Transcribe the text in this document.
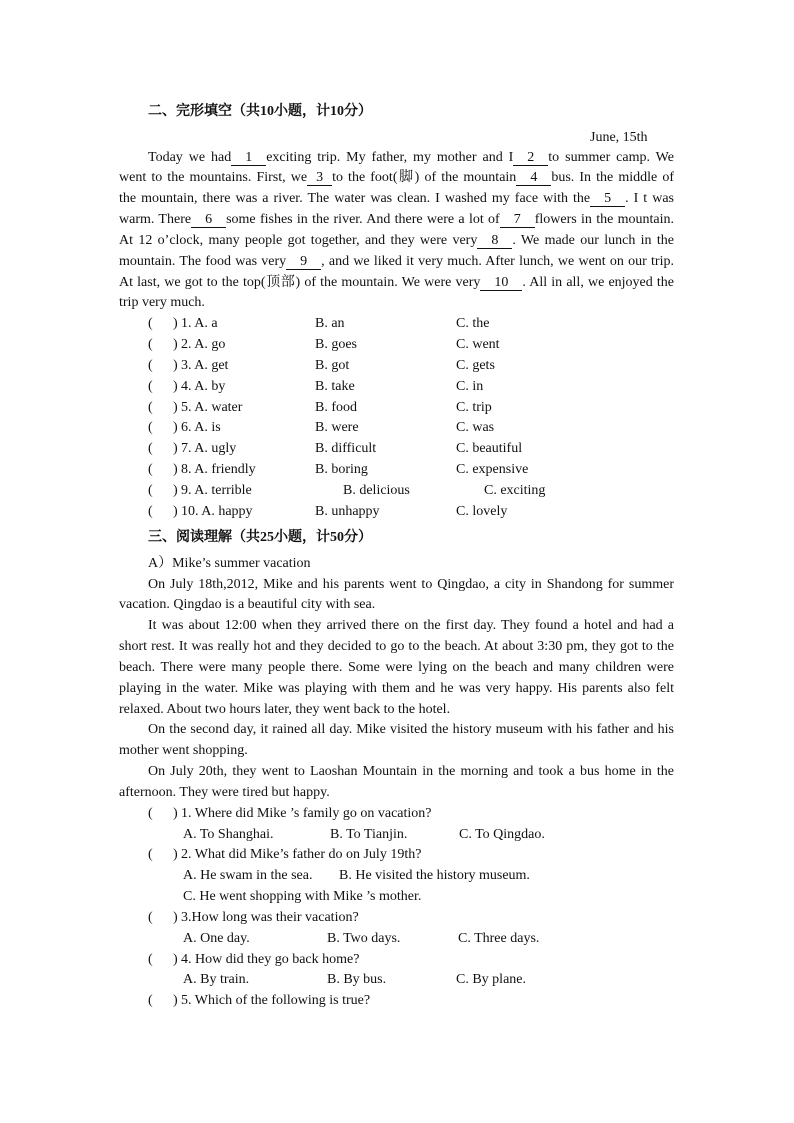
二、完形填空（共10小题，计10分）
June, 15th
Today we had 1 exciting trip. My father, my mother and I 2 to summer camp. We
went to the mountains. First, we 3 to the foot(脚) of the mountain 4 bus. In the middle of
the mountain, there was a river. The water was clean. I washed my face with the 5 . I t was
warm. There 6 some fishes in the river. And there were a lot of 7 flowers in the mountain.
At 12 o’clock, many people got together, and they were very 8 . We made our lunch in the
mountain. The food was very 9 , and we liked it very much. After lunch, we went on our trip.
At last, we got to the top(顶部) of the mountain. We were very 10 . All in all, we enjoyed the
trip very much.
( ) 1. A. a	B. an	C. the
( ) 2. A. go	B. goes	C. went
( ) 3. A. get	B. got	C. gets
( ) 4. A. by	B. take	C. in
( ) 5. A. water	B. food	C. trip
( ) 6. A. is	B. were	C. was
( ) 7. A. ugly	B. difficult	C. beautiful
( ) 8. A. friendly	B. boring	C. expensive
( ) 9. A. terrible	B. delicious	C. exciting
( ) 10. A. happy	B. unhappy	C. lovely
三、阅读理解（共25小题，计50分）
A）Mike’s summer vacation
On July 18th,2012, Mike and his parents went to Qingdao, a city in Shandong for summer
vacation. Qingdao is a beautiful city with sea.
It was about 12:00 when they arrived there on the first day. They found a hotel and had a
short rest. It was really hot and they decided to go to the beach. At about 3:30 pm, they got to the
beach. There were many people there. Some were lying on the beach and many children were
playing in the water. Mike was playing with them and he was very happy. His parents also felt
relaxed. About two hours later, they went back to the hotel.
On the second day, it rained all day. Mike visited the history museum with his father and his
mother went shopping.
On July 20th, they went to Laoshan Mountain in the morning and took a bus home in the
afternoon. They were tired but happy.
( ) 1. Where did Mike ’s family go on vacation?
A. To Shanghai.	B. To Tianjin.	C. To Qingdao.
( ) 2. What did Mike’s father do on July 19th?
A. He swam in the sea. B. He visited the history museum.
C. He went shopping with Mike ’s mother.
( ) 3.How long was their vacation?
A. One day.	B. Two days.	C. Three days.
( ) 4. How did they go back home?
A. By train.	B. By bus.	C. By plane.
( ) 5. Which of the following is true?
